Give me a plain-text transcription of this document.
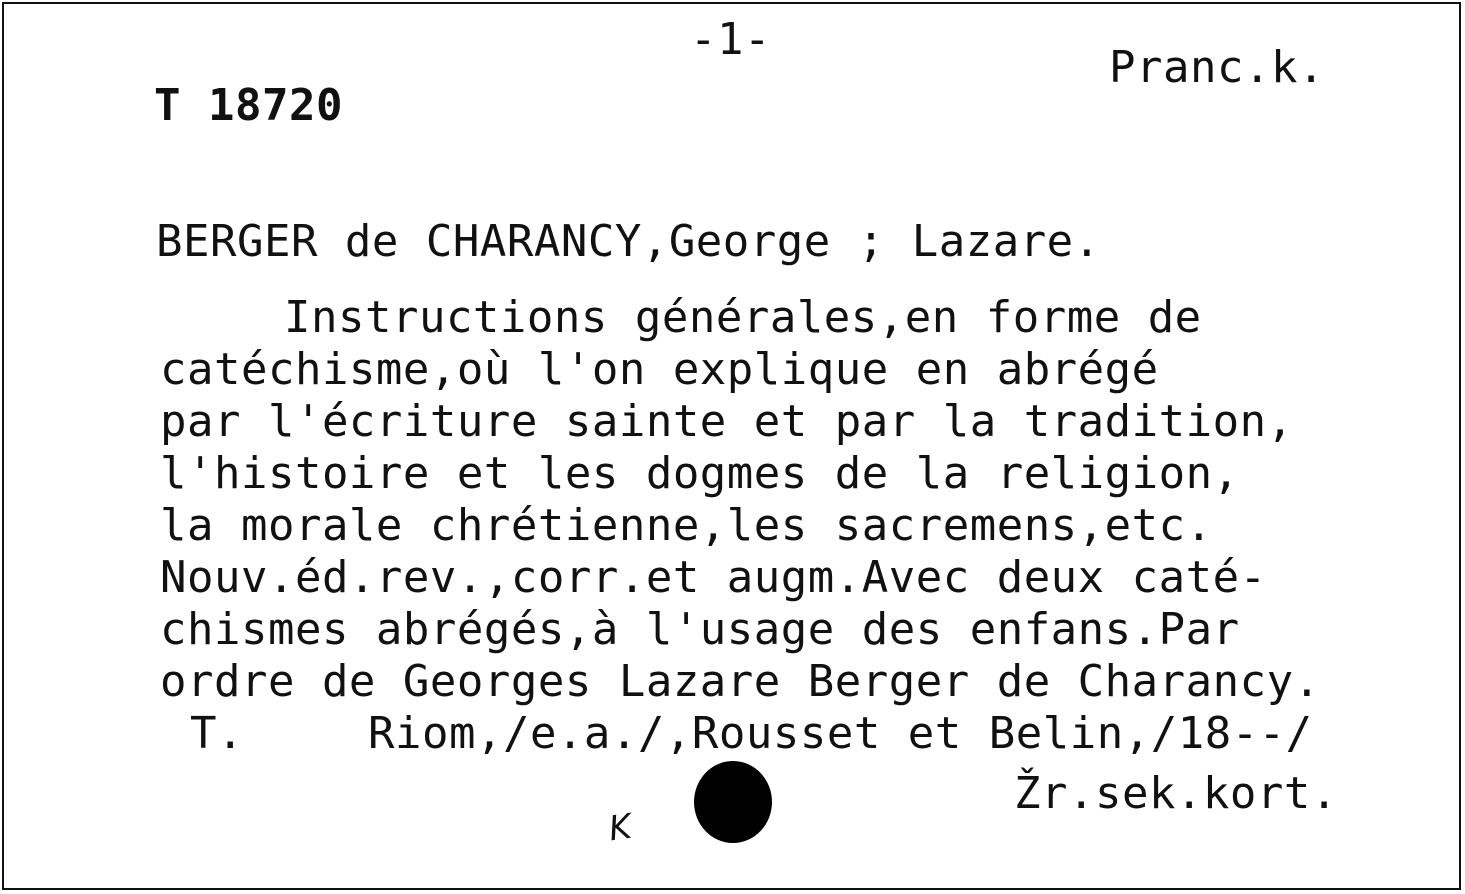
-1-
Pranc.k.
T 18720
BERGER de CHARANCY,George ; Lazare.
Instructions générales,en forme de
catéchisme,où l'on explique en abrégé
par l'écriture sainte et par la tradition,
l'histoire et les dogmes de la religion,
la morale chrétienne,les sacremens,etc.
Nouv.éd.rev.,corr.et augm.Avec deux caté-
chismes abrégés,à l'usage des enfans.Par
ordre de Georges Lazare Berger de Charancy.
T.	Riom,/e.a./,Rousset et Belin,/18--/
K
Žr.sek.kort.
